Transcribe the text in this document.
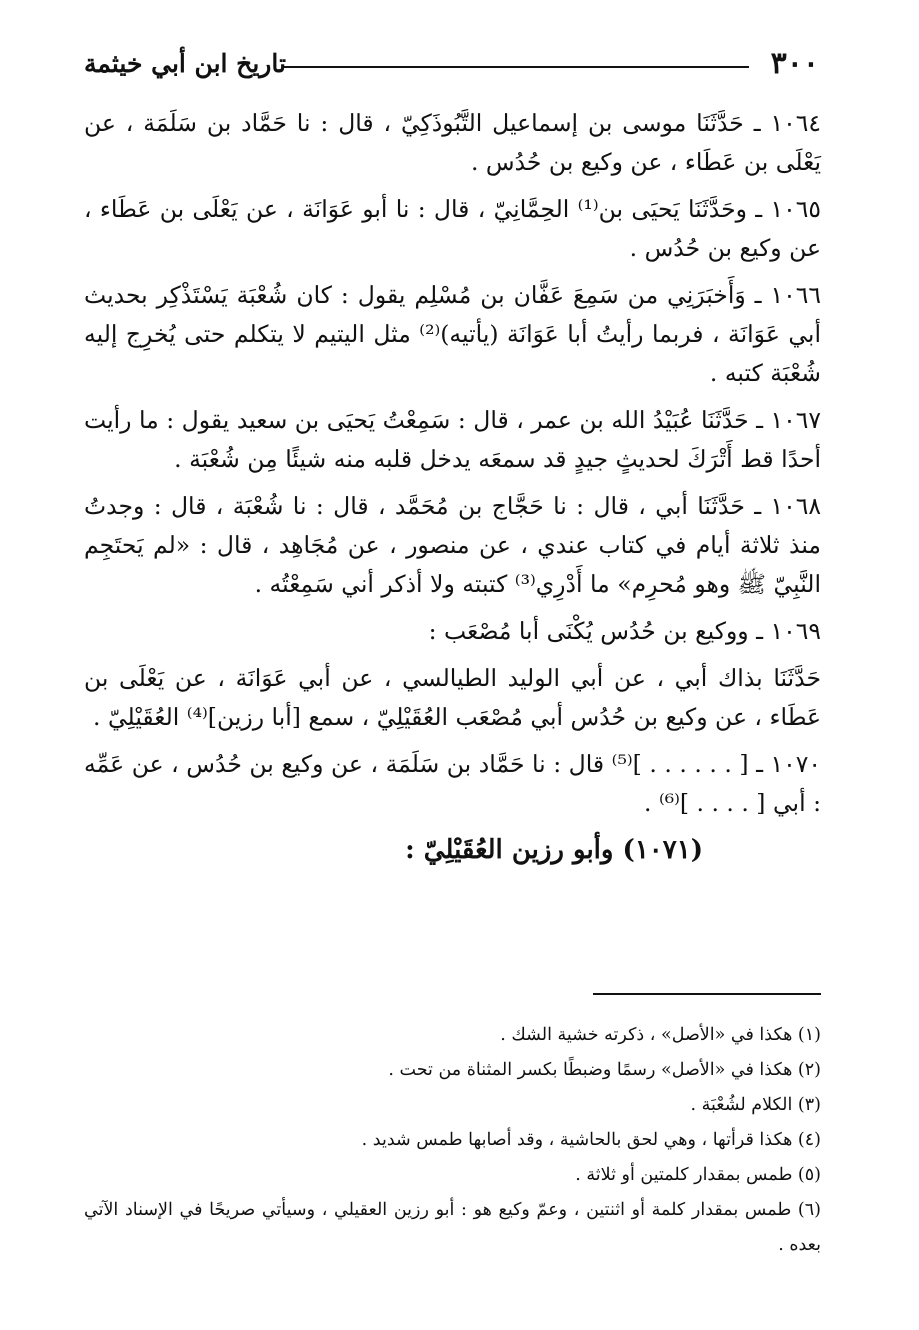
٣٠٠
تاريخ ابن أبي خيثمة

١٠٦٤ ـ حَدَّثَنَا موسى بن إسماعيل التَّبُوذَكِيّ ، قال : نا حَمَّاد بن سَلَمَة ، عن يَعْلَى بن عَطَاء ، عن وكيع بن حُدُس .

١٠٦٥ ـ وحَدَّثَنَا يَحيَى بن⁽¹⁾ الحِمَّانِيّ ، قال : نا أبو عَوَانَة ، عن يَعْلَى بن عَطَاء ، عن وكيع بن حُدُس .

١٠٦٦ ـ وَأَخبَرَنِي من سَمِعَ عَفَّان بن مُسْلِم يقول : كان شُعْبَة يَسْتَذْكِر بحديث أبي عَوَانَة ، فربما رأيتُ أبا عَوَانَة (يأتيه)⁽²⁾ مثل اليتيم لا يتكلم حتى يُخرِج إليه شُعْبَة كتبه .

١٠٦٧ ـ حَدَّثَنَا عُبَيْدُ الله بن عمر ، قال : سَمِعْتُ يَحيَى بن سعيد يقول : ما رأيت أحدًا قط أَتْرَكَ لحديثٍ جيدٍ قد سمعَه يدخل قلبه منه شيئًا مِن شُعْبَة .

١٠٦٨ ـ حَدَّثَنَا أبي ، قال : نا حَجَّاج بن مُحَمَّد ، قال : نا شُعْبَة ، قال : وجدتُ منذ ثلاثة أيام في كتاب عندي ، عن منصور ، عن مُجَاهِد ، قال : «لم يَحتَجِم النَّبِيّ ﷺ وهو مُحرِم» ما أَدْرِي⁽³⁾ كتبته ولا أذكر أني سَمِعْتُه .

١٠٦٩ ـ ووكيع بن حُدُس يُكْنَى أبا مُصْعَب :

حَدَّثَنَا بذاك أبي ، عن أبي الوليد الطيالسي ، عن أبي عَوَانَة ، عن يَعْلَى بن عَطَاء ، عن وكيع بن حُدُس أبي مُصْعَب العُقَيْلِيّ ، سمع [أبا رزين]⁽⁴⁾ العُقَيْلِيّ .

١٠٧٠ ـ [ . . . . . . ]⁽⁵⁾ قال : نا حَمَّاد بن سَلَمَة ، عن وكيع بن حُدُس ، عن عَمِّه : أبي [ . . . . ]⁽⁶⁾ .

(١٠٧١) وأبو رزين العُقَيْلِيّ :

(١) هكذا في «الأصل» ، ذكرته خشية الشك .

(٢) هكذا في «الأصل» رسمًا وضبطًا بكسر المثناة من تحت .

(٣) الكلام لشُعْبَة .

(٤) هكذا قرأتها ، وهي لحق بالحاشية ، وقد أصابها طمس شديد .

(٥) طمس بمقدار كلمتين أو ثلاثة .

(٦) طمس بمقدار كلمة أو اثنتين ، وعمّ وكيع هو : أبو رزين العقيلي ، وسيأتي صريحًا في الإسناد الآتي بعده .
